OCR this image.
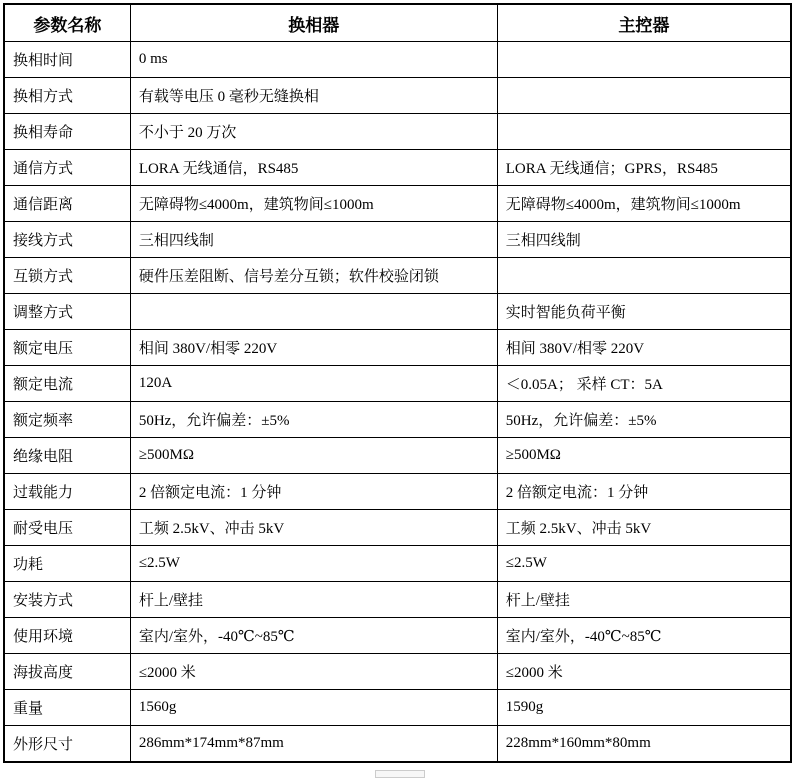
参数名称	换相器	主控器
换相时间	0 ms	
换相方式	有载等电压 0 毫秒无缝换相	
换相寿命	不小于 20 万次	
通信方式	LORA 无线通信，RS485	LORA 无线通信；GPRS，RS485
通信距离	无障碍物≤4000m，建筑物间≤1000m	无障碍物≤4000m，建筑物间≤1000m
接线方式	三相四线制	三相四线制
互锁方式	硬件压差阻断、信号差分互锁；软件校验闭锁	
调整方式		实时智能负荷平衡
额定电压	相间 380V/相零 220V	相间 380V/相零 220V
额定电流	120A	＜0.05A； 采样 CT：5A
额定频率	50Hz，允许偏差：±5%	50Hz，允许偏差：±5%
绝缘电阻	≥500MΩ	≥500MΩ
过载能力	2 倍额定电流：1 分钟	2 倍额定电流：1 分钟
耐受电压	工频 2.5kV、冲击 5kV	工频 2.5kV、冲击 5kV
功耗	≤2.5W	≤2.5W
安装方式	杆上/壁挂	杆上/壁挂
使用环境	室内/室外，-40℃~85℃	室内/室外，-40℃~85℃
海拔高度	≤2000 米	≤2000 米
重量	1560g	1590g
外形尺寸	286mm*174mm*87mm	228mm*160mm*80mm
